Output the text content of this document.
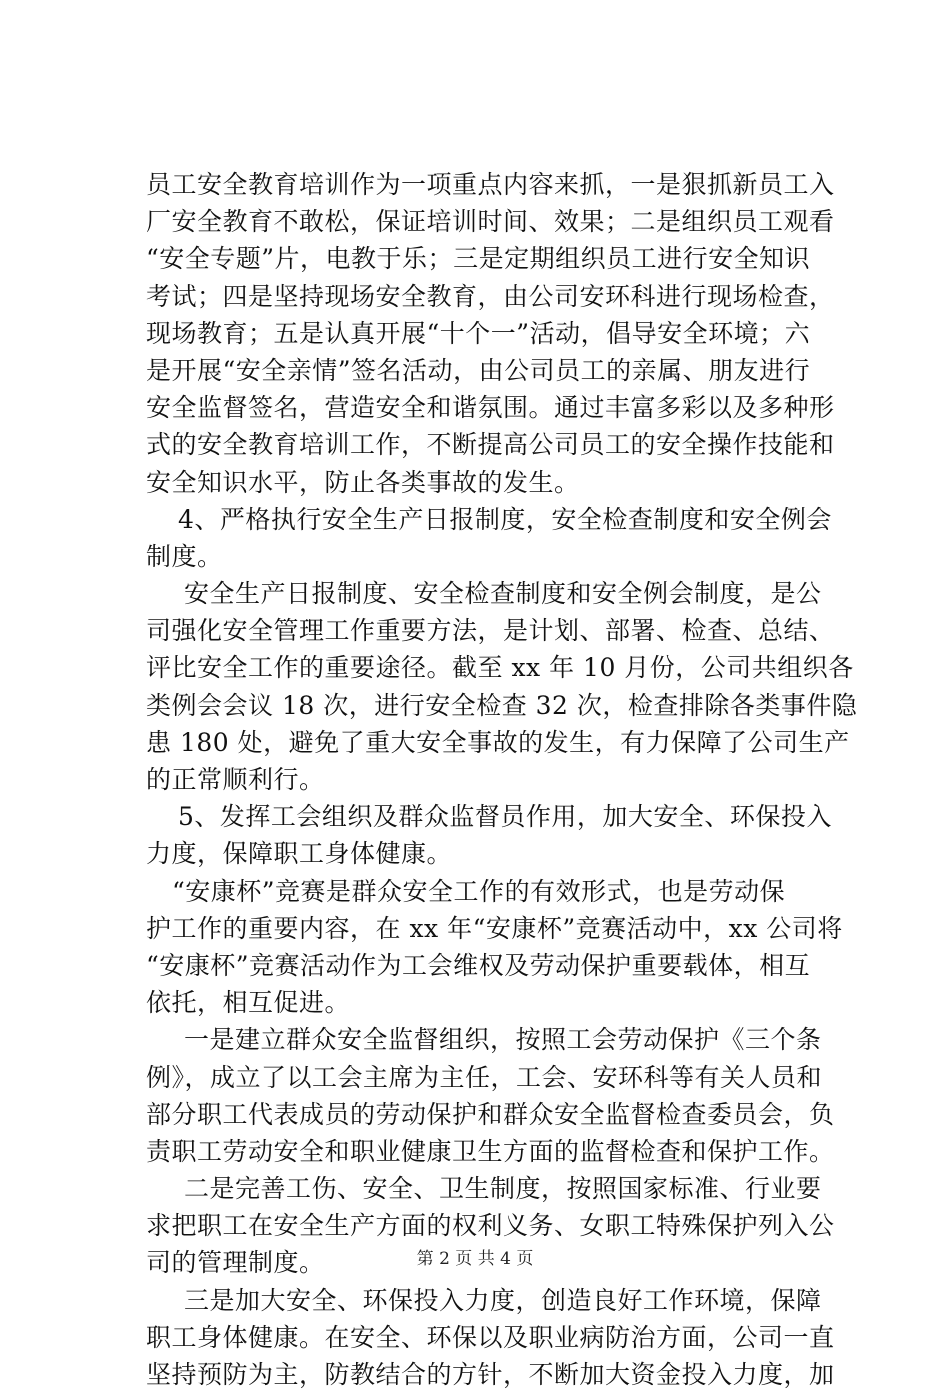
员工安全教育培训作为一项重点内容来抓，一是狠抓新员工入
厂安全教育不敢松，保证培训时间、效果；二是组织员工观看
“安全专题”片，电教于乐；三是定期组织员工进行安全知识
考试；四是坚持现场安全教育，由公司安环科进行现场检查，
现场教育；五是认真开展“十个一”活动，倡导安全环境；六
是开展“安全亲情”签名活动，由公司员工的亲属、朋友进行
安全监督签名，营造安全和谐氛围。通过丰富多彩以及多种形
式的安全教育培训工作，不断提高公司员工的安全操作技能和
安全知识水平，防止各类事故的发生。
4、严格执行安全生产日报制度，安全检查制度和安全例会
制度。
安全生产日报制度、安全检查制度和安全例会制度，是公
司强化安全管理工作重要方法，是计划、部署、检查、总结、
评比安全工作的重要途径。截至 xx 年 10 月份，公司共组织各
类例会会议 18 次，进行安全检查 32 次，检查排除各类事件隐
患 180 处，避免了重大安全事故的发生，有力保障了公司生产
的正常顺利行。
5、发挥工会组织及群众监督员作用，加大安全、环保投入
力度，保障职工身体健康。
“安康杯”竞赛是群众安全工作的有效形式，也是劳动保
护工作的重要内容，在 xx 年“安康杯”竞赛活动中，xx 公司将
“安康杯”竞赛活动作为工会维权及劳动保护重要载体，相互
依托，相互促进。
一是建立群众安全监督组织，按照工会劳动保护《三个条
例》，成立了以工会主席为主任，工会、安环科等有关人员和
部分职工代表成员的劳动保护和群众安全监督检查委员会，负
责职工劳动安全和职业健康卫生方面的监督检查和保护工作。
二是完善工伤、安全、卫生制度，按照国家标准、行业要
求把职工在安全生产方面的权利义务、女职工特殊保护列入公
司的管理制度。
三是加大安全、环保投入力度，创造良好工作环境，保障
职工身体健康。在安全、环保以及职业病防治方面，公司一直
坚持预防为主，防教结合的方针，不断加大资金投入力度，加
第 2 页 共 4 页
